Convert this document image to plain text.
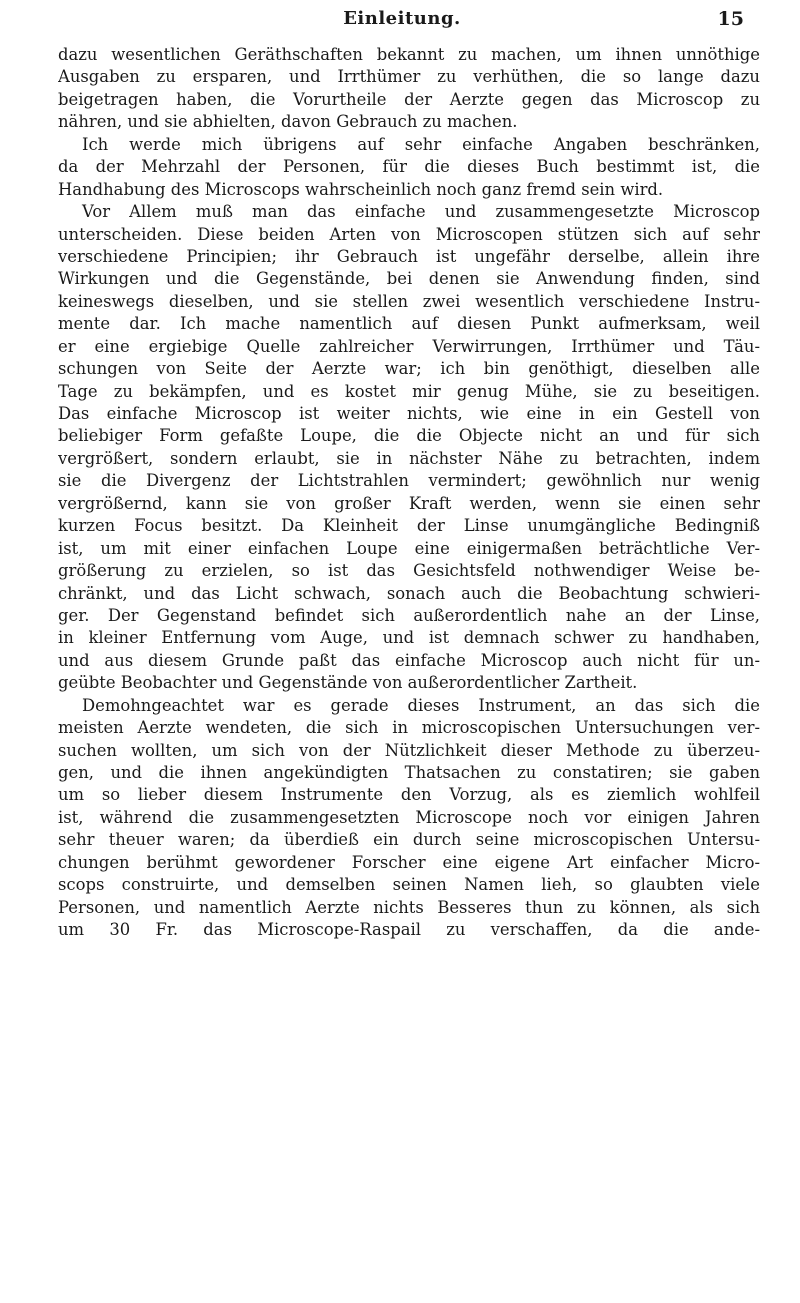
Einleitung.	15
dazu wesentlichen Geräthschaften bekannt zu machen, um ihnen unnöthige
Ausgaben zu ersparen, und Irrthümer zu verhüthen, die so lange dazu
beigetragen haben, die Vorurtheile der Aerzte gegen das Microscop zu
nähren, und sie abhielten, davon Gebrauch zu machen.
Ich werde mich übrigens auf sehr einfache Angaben beschränken,
da der Mehrzahl der Personen, für die dieses Buch bestimmt ist, die
Handhabung des Microscops wahrscheinlich noch ganz fremd sein wird.
Vor Allem muß man das einfache und zusammengesetzte Microscop
unterscheiden. Diese beiden Arten von Microscopen stützen sich auf sehr
verschiedene Principien; ihr Gebrauch ist ungefähr derselbe, allein ihre
Wirkungen und die Gegenstände, bei denen sie Anwendung finden, sind
keineswegs dieselben, und sie stellen zwei wesentlich verschiedene Instru-
mente dar. Ich mache namentlich auf diesen Punkt aufmerksam, weil
er eine ergiebige Quelle zahlreicher Verwirrungen, Irrthümer und Täu-
schungen von Seite der Aerzte war; ich bin genöthigt, dieselben alle
Tage zu bekämpfen, und es kostet mir genug Mühe, sie zu beseitigen.
Das einfache Microscop ist weiter nichts, wie eine in ein Gestell von
beliebiger Form gefaßte Loupe, die die Objecte nicht an und für sich
vergrößert, sondern erlaubt, sie in nächster Nähe zu betrachten, indem
sie die Divergenz der Lichtstrahlen vermindert; gewöhnlich nur wenig
vergrößernd, kann sie von großer Kraft werden, wenn sie einen sehr
kurzen Focus besitzt. Da Kleinheit der Linse unumgängliche Bedingniß
ist, um mit einer einfachen Loupe eine einigermaßen beträchtliche Ver-
größerung zu erzielen, so ist das Gesichtsfeld nothwendiger Weise be-
chränkt, und das Licht schwach, sonach auch die Beobachtung schwieri-
ger. Der Gegenstand befindet sich außerordentlich nahe an der Linse,
in kleiner Entfernung vom Auge, und ist demnach schwer zu handhaben,
und aus diesem Grunde paßt das einfache Microscop auch nicht für un-
geübte Beobachter und Gegenstände von außerordentlicher Zartheit.
Demohngeachtet war es gerade dieses Instrument, an das sich die
meisten Aerzte wendeten, die sich in microscopischen Untersuchungen ver-
suchen wollten, um sich von der Nützlichkeit dieser Methode zu überzeu-
gen, und die ihnen angekündigten Thatsachen zu constatiren; sie gaben
um so lieber diesem Instrumente den Vorzug, als es ziemlich wohlfeil
ist, während die zusammengesetzten Microscope noch vor einigen Jahren
sehr theuer waren; da überdieß ein durch seine microscopischen Untersu-
chungen berühmt gewordener Forscher eine eigene Art einfacher Micro-
scops construirte, und demselben seinen Namen lieh, so glaubten viele
Personen, und namentlich Aerzte nichts Besseres thun zu können, als sich
um 30 Fr. das Microscope-Raspail zu verschaffen, da die ande-
